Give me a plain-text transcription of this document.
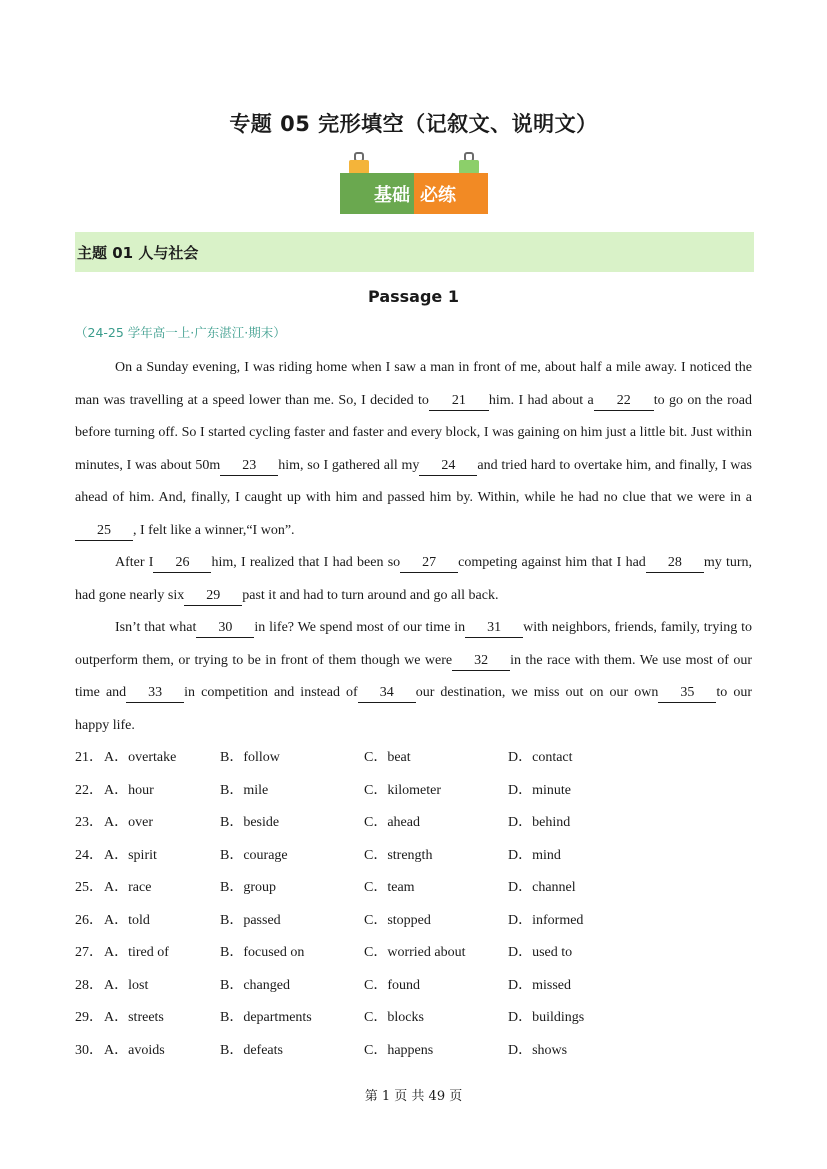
专题 05 完形填空（记叙文、说明文）
基础 必练
主题 01 人与社会
Passage 1
（24-25 学年高一上·广东湛江·期末）

On a Sunday evening, I was riding home when I saw a man in front of me, about half a mile away. I noticed the man was travelling at a speed lower than me. So, I decided to 21 him. I had about a 22 to go on the road before turning off. So I started cycling faster and faster and every block, I was gaining on him just a little bit. Just within minutes, I was about 50m 23 him, so I gathered all my 24 and tried hard to overtake him, and finally, I was ahead of him. And, finally, I caught up with him and passed him by. Within, while he had no clue that we were in a25 , I felt like a winner,“I won”.

After I 26 him, I realized that I had been so 27 competing against him that I had 28 my turn, had gone nearly six 29 past it and had to turn around and go all back.

Isn’t that what 30 in life? We spend most of our time in 31 with neighbors, friends, family, trying to outperform them, or trying to be in front of them though we were 32 in the race with them. We use most of our time and 33 in competition and instead of 34 our destination, we miss out on our own 35 to our happy life.

21． A．overtake	B．follow	C．beat	D．contact
22． A．hour	B．mile	C．kilometer	D．minute
23． A．over	B．beside	C．ahead	D．behind
24． A．spirit	B．courage	C．strength	D．mind
25． A．race	B．group	C．team	D．channel
26． A．told	B．passed	C．stopped	D．informed
27． A．tired of	B．focused on	C．worried about	D．used to
28． A．lost	B．changed	C．found	D．missed
29． A．streets	B．departments	C．blocks	D．buildings
30． A．avoids	B．defeats	C．happens	D．shows
第 1 页 共 49 页
